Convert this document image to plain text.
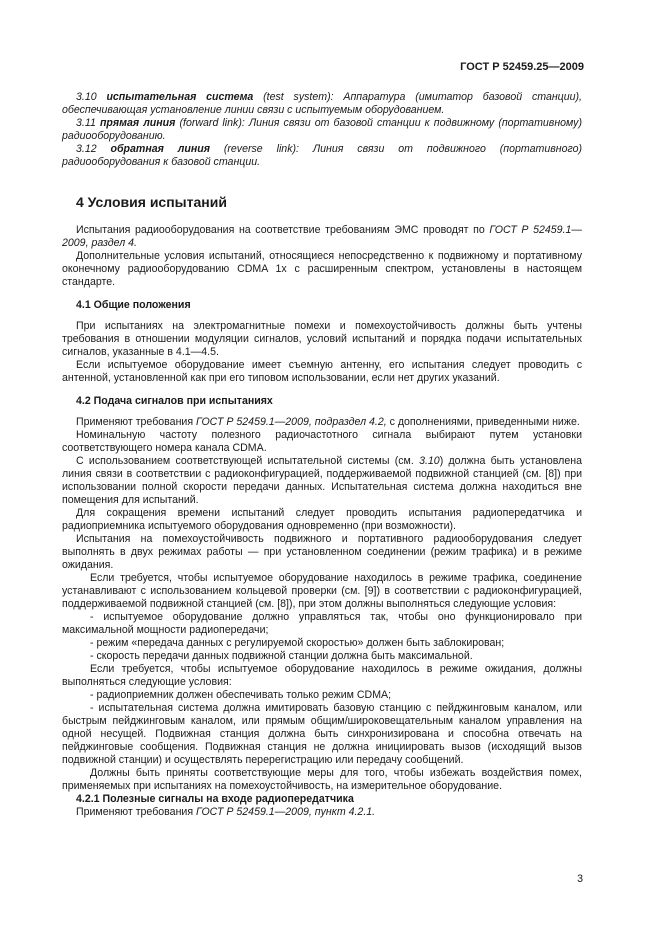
ГОСТ Р 52459.25—2009

3.10 испытательная система (test system): Аппаратура (имитатор базовой станции), обеспечивающая установление линии связи с испытуемым оборудованием.

3.11 прямая линия (forward link): Линия связи от базовой станции к подвижному (портативному) радиооборудованию.

3.12 обратная линия (reverse link): Линия связи от подвижного (портативного) радиооборудования к базовой станции.

4 Условия испытаний

Испытания радиооборудования на соответствие требованиям ЭМС проводят по ГОСТ Р 52459.1—2009, раздел 4.

Дополнительные условия испытаний, относящиеся непосредственно к подвижному и портативному оконечному радиооборудованию CDMA 1x с расширенным спектром, установлены в настоящем стандарте.

4.1 Общие положения

При испытаниях на электромагнитные помехи и помехоустойчивость должны быть учтены требования в отношении модуляции сигналов, условий испытаний и порядка подачи испытательных сигналов, указанные в 4.1—4.5.

Если испытуемое оборудование имеет съемную антенну, его испытания следует проводить с антенной, установленной как при его типовом использовании, если нет других указаний.

4.2 Подача сигналов при испытаниях

Применяют требования ГОСТ Р 52459.1—2009, подраздел 4.2, с дополнениями, приведенными ниже.

Номинальную частоту полезного радиочастотного сигнала выбирают путем установки соответствующего номера канала CDMA.

С использованием соответствующей испытательной системы (см. 3.10) должна быть установлена линия связи в соответствии с радиоконфигурацией, поддерживаемой подвижной станцией (см. [8]) при использовании полной скорости передачи данных. Испытательная система должна находиться вне помещения для испытаний.

Для сокращения времени испытаний следует проводить испытания радиопередатчика и радиоприемника испытуемого оборудования одновременно (при возможности).

Испытания на помехоустойчивость подвижного и портативного радиооборудования следует выполнять в двух режимах работы — при установленном соединении (режим трафика) и в режиме ожидания.

Если требуется, чтобы испытуемое оборудование находилось в режиме трафика, соединение устанавливают с использованием кольцевой проверки (см. [9]) в соответствии с радиоконфигурацией, поддерживаемой подвижной станцией (см. [8]), при этом должны выполняться следующие условия:

- испытуемое оборудование должно управляться так, чтобы оно функционировало при максимальной мощности радиопередачи;

- режим «передача данных с регулируемой скоростью» должен быть заблокирован;

- скорость передачи данных подвижной станции должна быть максимальной.

Если требуется, чтобы испытуемое оборудование находилось в режиме ожидания, должны выполняться следующие условия:

- радиоприемник должен обеспечивать только режим CDMA;

- испытательная система должна имитировать базовую станцию с пейджинговым каналом, или быстрым пейджинговым каналом, или прямым общим/широковещательным каналом управления на одной несущей. Подвижная станция должна быть синхронизирована и способна отвечать на пейджинговые сообщения. Подвижная станция не должна инициировать вызов (исходящий вызов подвижной станции) и осуществлять перерегистрацию или передачу сообщений.

Должны быть приняты соответствующие меры для того, чтобы избежать воздействия помех, применяемых при испытаниях на помехоустойчивость, на измерительное оборудование.

4.2.1 Полезные сигналы на входе радиопередатчика

Применяют требования ГОСТ Р 52459.1—2009, пункт 4.2.1.

3
